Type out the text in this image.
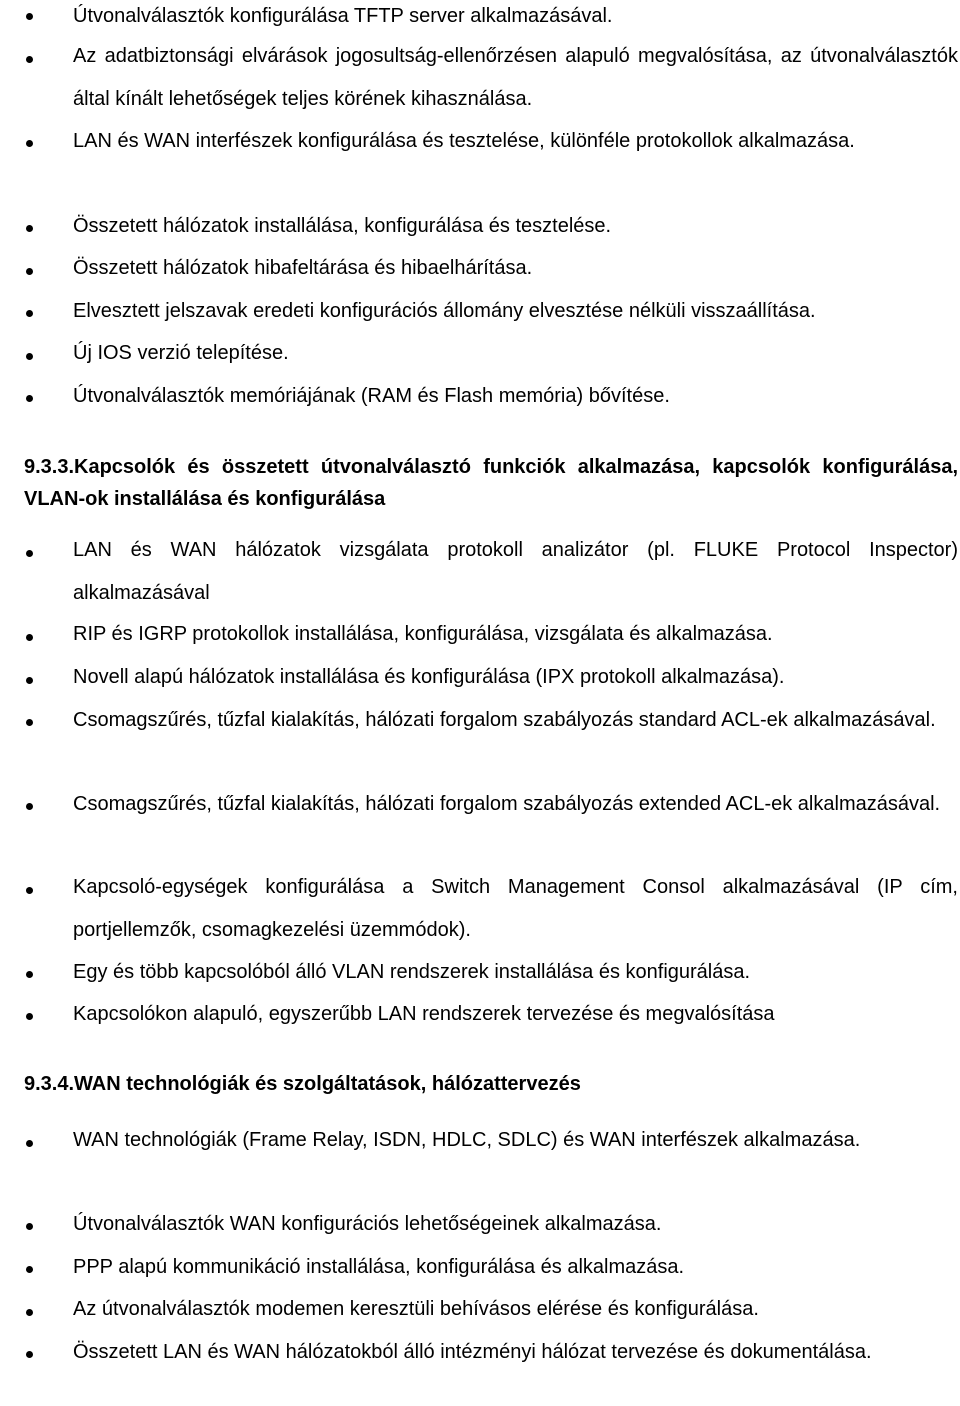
Útvonalválasztók konfigurálása TFTP server alkalmazásával.

Az adatbiztonsági elvárások jogosultság-ellenőrzésen alapuló megvalósítása, az útvonalválasztók által kínált lehetőségek teljes körének kihasználása.

LAN és WAN interfészek konfigurálása és tesztelése, különféle protokollok alkalmazása.

Összetett hálózatok installálása, konfigurálása és tesztelése.

Összetett hálózatok hibafeltárása és hibaelhárítása.

Elvesztett jelszavak eredeti konfigurációs állomány elvesztése nélküli visszaállítása.

Új IOS verzió telepítése.

Útvonalválasztók memóriájának (RAM és Flash memória) bővítése.

9.3.3.Kapcsolók és összetett útvonalválasztó funkciók alkalmazása, kapcsolók konfigurálása, VLAN-ok installálása és konfigurálása

LAN és WAN hálózatok vizsgálata protokoll analizátor (pl. FLUKE Protocol Inspector) alkalmazásával

RIP és IGRP protokollok installálása, konfigurálása, vizsgálata és alkalmazása.

Novell alapú hálózatok installálása és konfigurálása (IPX protokoll alkalmazása).

Csomagszűrés, tűzfal kialakítás, hálózati forgalom szabályozás standard ACL-ek alkalmazásával.

Csomagszűrés, tűzfal kialakítás, hálózati forgalom szabályozás extended ACL-ek alkalmazásával.

Kapcsoló-egységek konfigurálása a Switch Management Consol alkalmazásával (IP cím, portjellemzők, csomagkezelési üzemmódok).

Egy és több kapcsolóból álló VLAN rendszerek installálása és konfigurálása.

Kapcsolókon alapuló, egyszerűbb LAN rendszerek tervezése és megvalósítása

9.3.4.WAN technológiák és szolgáltatások, hálózattervezés

WAN technológiák (Frame Relay, ISDN, HDLC, SDLC) és WAN interfészek alkalmazása.

Útvonalválasztók WAN konfigurációs lehetőségeinek alkalmazása.

PPP alapú kommunikáció installálása, konfigurálása és alkalmazása.

Az útvonalválasztók modemen keresztüli behívásos elérése és konfigurálása.

Összetett LAN és WAN hálózatokból álló intézményi hálózat tervezése és dokumentálása.
